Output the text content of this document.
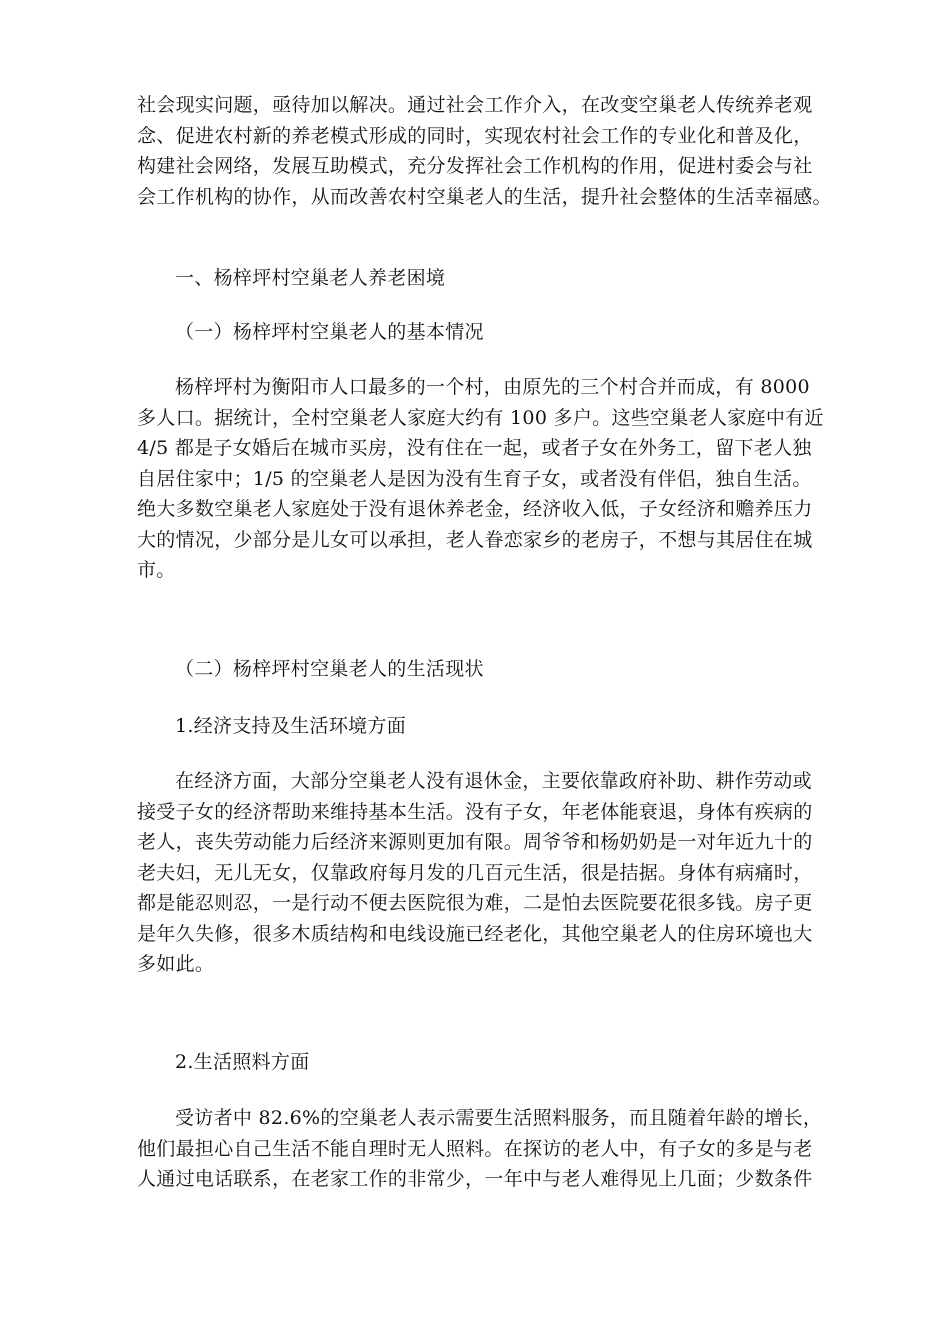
社会现实问题，亟待加以解决。通过社会工作介入，在改变空巢老人传统养老观
念、促进农村新的养老模式形成的同时，实现农村社会工作的专业化和普及化，
构建社会网络，发展互助模式，充分发挥社会工作机构的作用，促进村委会与社
会工作机构的协作，从而改善农村空巢老人的生活，提升社会整体的生活幸福感。
一、杨梓坪村空巢老人养老困境
（一）杨梓坪村空巢老人的基本情况
杨梓坪村为衡阳市人口最多的一个村，由原先的三个村合并而成，有 8000
多人口。据统计，全村空巢老人家庭大约有 100 多户。这些空巢老人家庭中有近
4/5 都是子女婚后在城市买房，没有住在一起，或者子女在外务工，留下老人独
自居住家中；1/5 的空巢老人是因为没有生育子女，或者没有伴侣，独自生活。
绝大多数空巢老人家庭处于没有退休养老金，经济收入低，子女经济和赡养压力
大的情况，少部分是儿女可以承担，老人眷恋家乡的老房子，不想与其居住在城
市。
（二）杨梓坪村空巢老人的生活现状
1.经济支持及生活环境方面
在经济方面，大部分空巢老人没有退休金，主要依靠政府补助、耕作劳动或
接受子女的经济帮助来维持基本生活。没有子女，年老体能衰退，身体有疾病的
老人，丧失劳动能力后经济来源则更加有限。周爷爷和杨奶奶是一对年近九十的
老夫妇，无儿无女，仅靠政府每月发的几百元生活，很是拮据。身体有病痛时，
都是能忍则忍，一是行动不便去医院很为难，二是怕去医院要花很多钱。房子更
是年久失修，很多木质结构和电线设施已经老化，其他空巢老人的住房环境也大
多如此。
2.生活照料方面
受访者中 82.6%的空巢老人表示需要生活照料服务，而且随着年龄的增长，
他们最担心自己生活不能自理时无人照料。在探访的老人中，有子女的多是与老
人通过电话联系，在老家工作的非常少，一年中与老人难得见上几面；少数条件
